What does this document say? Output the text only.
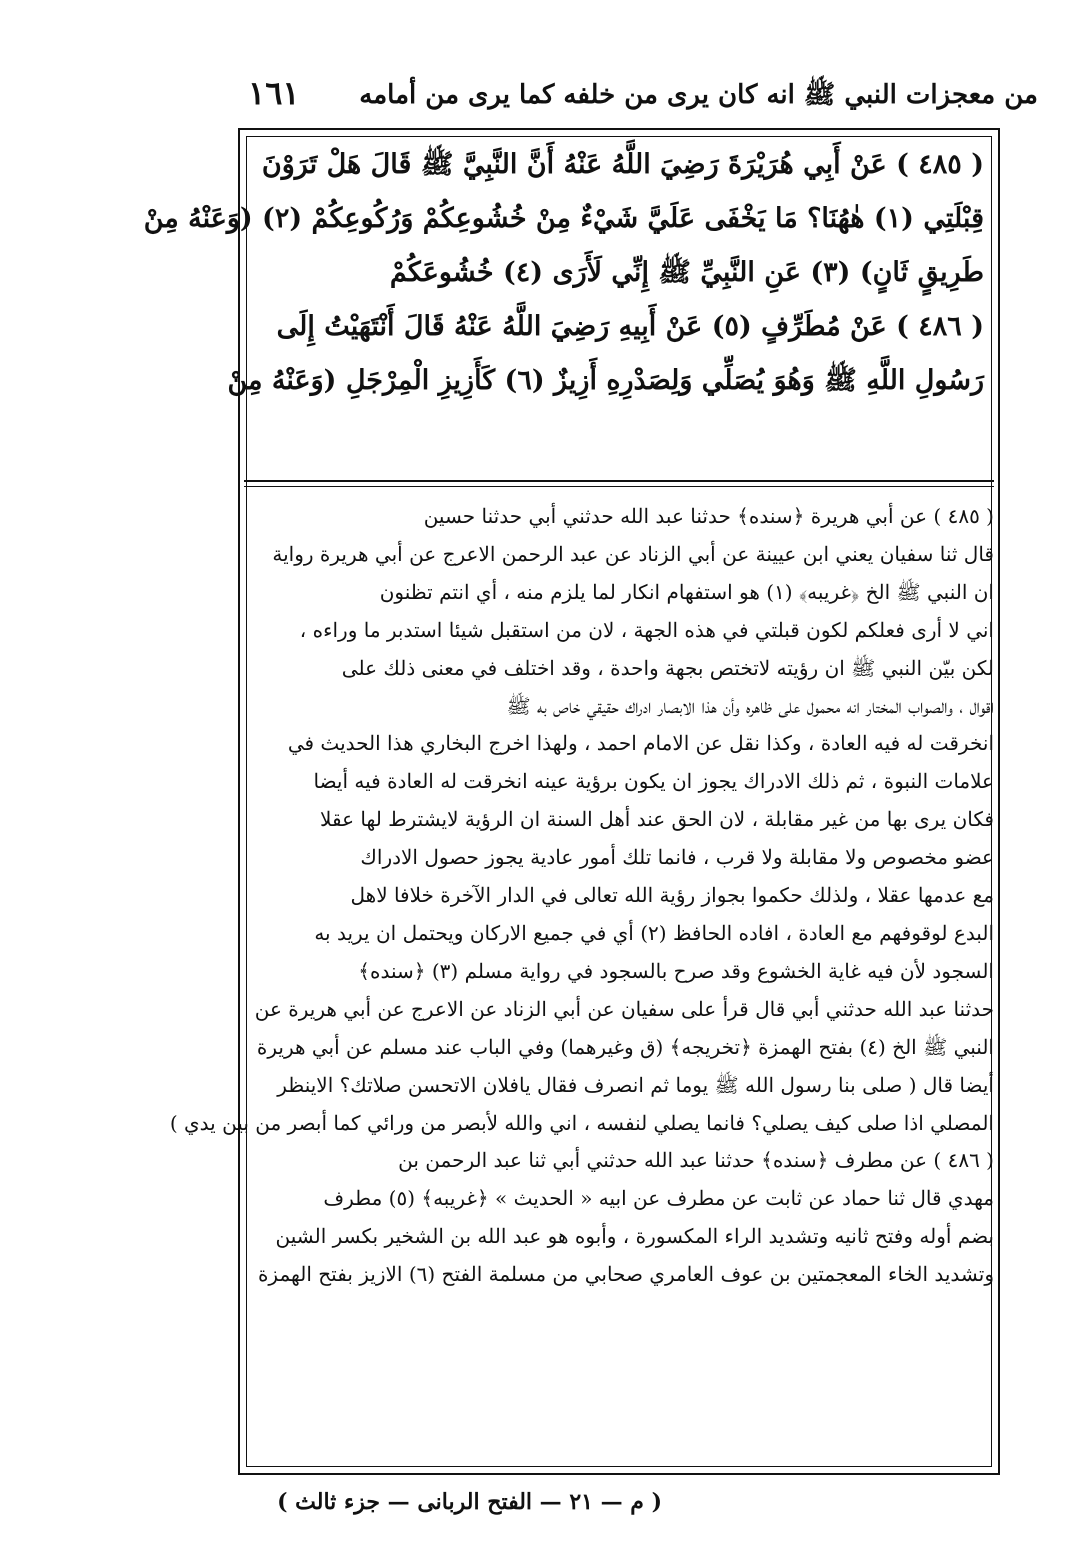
من معجزات النبي ﷺ انه كان يرى من خلفه كما يرى من أمامه
١٦١
( ٤٨٥ ) عَنْ أَبِي هُرَيْرَةَ رَضِيَ اللَّهُ عَنْهُ أَنَّ النَّبِيَّ ﷺ قَالَ هَلْ تَرَوْنَ
قِبْلَتِي (١) هٰهُنَا؟ مَا يَخْفَى عَلَيَّ شَيْءٌ مِنْ خُشُوعِكُمْ وَرُكُوعِكُمْ (٢) (وَعَنْهُ مِنْ
طَرِيقٍ ثَانٍ) (٣) عَنِ النَّبِيِّ ﷺ إِنِّي لَأَرَى (٤) خُشُوعَكُمْ
( ٤٨٦ ) عَنْ مُطَرِّفٍ (٥) عَنْ أَبِيهِ رَضِيَ اللَّهُ عَنْهُ قَالَ أَنْتَهَيْتُ إِلَى
رَسُولِ اللَّهِ ﷺ وَهُوَ يُصَلِّي وَلِصَدْرِهِ أَزِيزٌ (٦) كَأَزِيزِ الْمِرْجَلِ (وَعَنْهُ مِنْ
( ٤٨٥ ) عن أبي هريرة ﴿سنده﴾ حدثنا عبد الله حدثني أبي حدثنا حسين
قال ثنا سفيان يعني ابن عيينة عن أبي الزناد عن عبد الرحمن الاعرج عن أبي هريرة رواية
ان النبي ﷺ الخ ﴿غريبه﴾ (١) هو استفهام انكار لما يلزم منه ، أي انتم تظنون
اني لا أرى فعلكم لكون قبلتي في هذه الجهة ، لان من استقبل شيئا استدبر ما وراءه ،
لكن بيّن النبي ﷺ ان رؤيته لاتختص بجهة واحدة ، وقد اختلف في معنى ذلك على
اقوال ، والصواب المختار انه محمول على ظاهره وأن هذا الابصار ادراك حقيقي خاص به ﷺ
انخرقت له فيه العادة ، وكذا نقل عن الامام احمد ، ولهذا اخرج البخاري هذا الحديث في
علامات النبوة ، ثم ذلك الادراك يجوز ان يكون برؤية عينه انخرقت له العادة فيه أيضا
فكان يرى بها من غير مقابلة ، لان الحق عند أهل السنة ان الرؤية لايشترط لها عقلا
عضو مخصوص ولا مقابلة ولا قرب ، فانما تلك أمور عادية يجوز حصول الادراك
مع عدمها عقلا ، ولذلك حكموا بجواز رؤية الله تعالى في الدار الآخرة خلافا لاهل
البدع لوقوفهم مع العادة ، افاده الحافظ (٢) أي في جميع الاركان ويحتمل ان يريد به
السجود لأن فيه غاية الخشوع وقد صرح بالسجود في رواية مسلم (٣) ﴿سنده﴾
حدثنا عبد الله حدثني أبي قال قرأ على سفيان عن أبي الزناد عن الاعرج عن أبي هريرة عن
النبي ﷺ الخ (٤) بفتح الهمزة ﴿تخريجه﴾ (ق وغيرهما) وفي الباب عند مسلم عن أبي هريرة
أيضا قال ( صلى بنا رسول الله ﷺ يوما ثم انصرف فقال يافلان الاتحسن صلاتك؟ الاينظر
المصلي اذا صلى كيف يصلي؟ فانما يصلي لنفسه ، اني والله لأبصر من ورائي كما أبصر من بين يدي )
( ٤٨٦ ) عن مطرف ﴿سنده﴾ حدثنا عبد الله حدثني أبي ثنا عبد الرحمن بن
مهدي قال ثنا حماد عن ثابت عن مطرف عن ابيه « الحديث » ﴿غريبه﴾ (٥) مطرف
بضم أوله وفتح ثانيه وتشديد الراء المكسورة ، وأبوه هو عبد الله بن الشخير بكسر الشين
وتشديد الخاء المعجمتين بن عوف العامري صحابي من مسلمة الفتح (٦) الازيز بفتح الهمزة
( م — ٢١ — الفتح الربانى — جزء ثالث )
